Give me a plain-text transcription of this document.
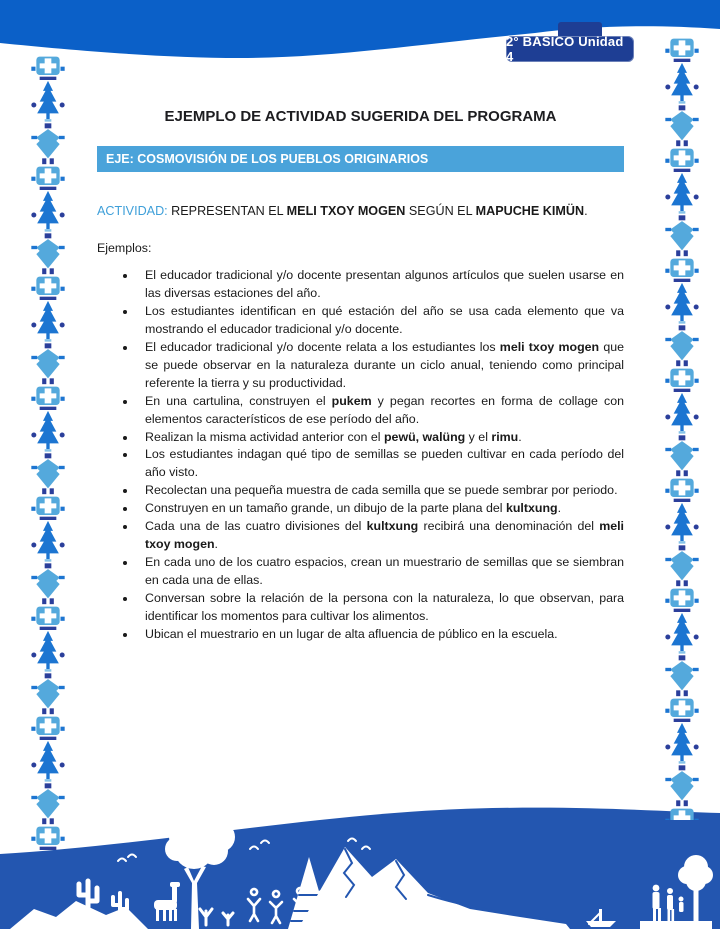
2° BÁSICO Unidad 4
EJEMPLO DE ACTIVIDAD SUGERIDA DEL PROGRAMA
EJE: COSMOVISIÓN DE LOS PUEBLOS ORIGINARIOS

ACTIVIDAD: REPRESENTAN EL MELI TXOY MOGEN SEGÚN EL MAPUCHE KIMÜN.

Ejemplos:

• El educador tradicional y/o docente presentan algunos artículos que suelen usarse en las diversas estaciones del año.
• Los estudiantes identifican en qué estación del año se usa cada elemento que va mostrando el educador tradicional y/o docente.
• El educador tradicional y/o docente relata a los estudiantes los meli txoy mogen que se puede observar en la naturaleza durante un ciclo anual, teniendo como principal referente la tierra y su productividad.
• En una cartulina, construyen el pukem y pegan recortes en forma de collage con elementos característicos de ese período del año.
• Realizan la misma actividad anterior con el pewü, walüng y el rimu.
• Los estudiantes indagan qué tipo de semillas se pueden cultivar en cada período del año visto.
• Recolectan una pequeña muestra de cada semilla que se puede sembrar por periodo.
• Construyen en un tamaño grande, un dibujo de la parte plana del kultxung.
• Cada una de las cuatro divisiones del kultxung recibirá una denominación del meli txoy mogen.
• En cada uno de los cuatro espacios, crean un muestrario de semillas que se siembran en cada una de ellas.
• Conversan sobre la relación de la persona con la naturaleza, lo que observan, para identificar los momentos para cultivar los alimentos.
• Ubican el muestrario en un lugar de alta afluencia de público en la escuela.
